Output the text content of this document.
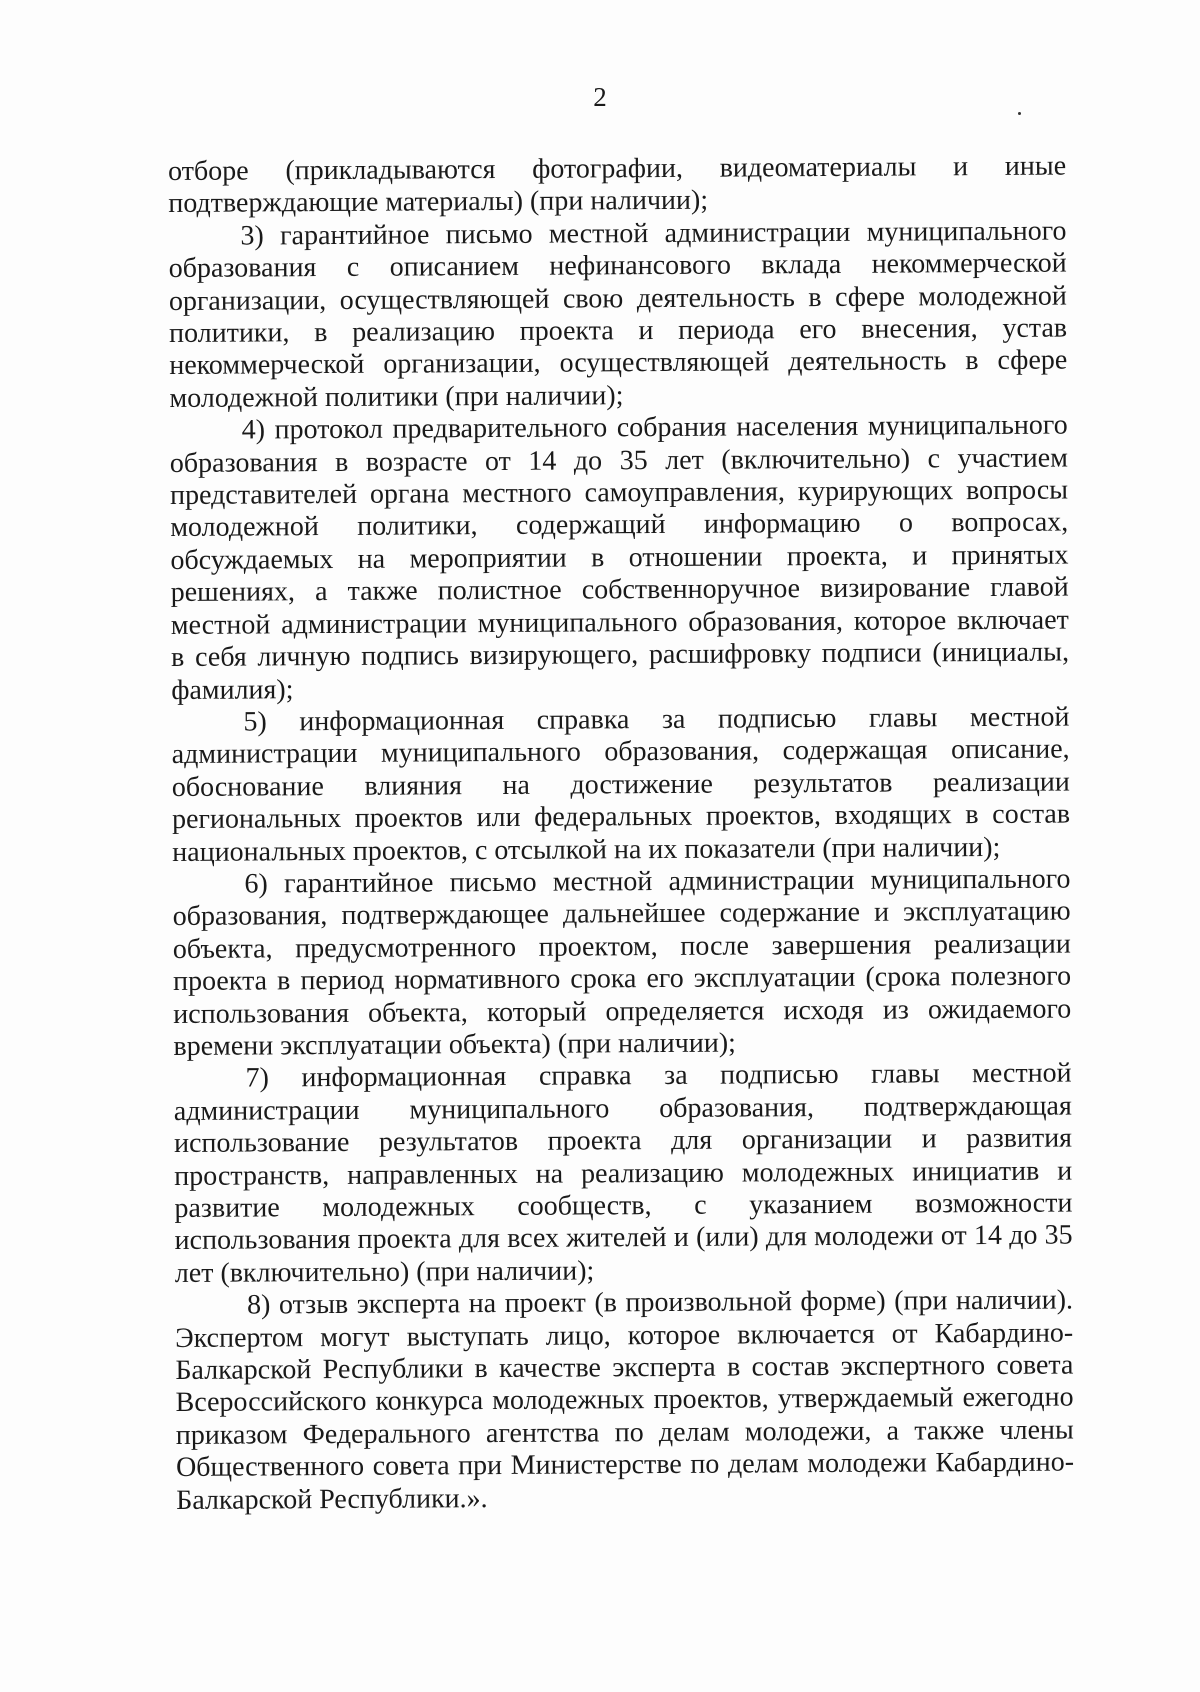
2

отборе (прикладываются фотографии, видеоматериалы и иные подтверждающие материалы) (при наличии);

3) гарантийное письмо местной администрации муниципального образования с описанием нефинансового вклада некоммерческой организации, осуществляющей свою деятельность в сфере молодежной политики, в реализацию проекта и периода его внесения, устав некоммерческой организации, осуществляющей деятельность в сфере молодежной политики (при наличии);

4) протокол предварительного собрания населения муниципального образования в возрасте от 14 до 35 лет (включительно) с участием представителей органа местного самоуправления, курирующих вопросы молодежной политики, содержащий информацию о вопросах, обсуждаемых на мероприятии в отношении проекта, и принятых решениях, а также полистное собственноручное визирование главой местной администрации муниципального образования, которое включает в себя личную подпись визирующего, расшифровку подписи (инициалы, фамилия);

5) информационная справка за подписью главы местной администрации муниципального образования, содержащая описание, обоснование влияния на достижение результатов реализации региональных проектов или федеральных проектов, входящих в состав национальных проектов, с отсылкой на их показатели (при наличии);

6) гарантийное письмо местной администрации муниципального образования, подтверждающее дальнейшее содержание и эксплуатацию объекта, предусмотренного проектом, после завершения реализации проекта в период нормативного срока его эксплуатации (срока полезного использования объекта, который определяется исходя из ожидаемого времени эксплуатации объекта) (при наличии);

7) информационная справка за подписью главы местной администрации муниципального образования, подтверждающая использование результатов проекта для организации и развития пространств, направленных на реализацию молодежных инициатив и развитие молодежных сообществ, с указанием возможности использования проекта для всех жителей и (или) для молодежи от 14 до 35 лет (включительно) (при наличии);

8) отзыв эксперта на проект (в произвольной форме) (при наличии). Экспертом могут выступать лицо, которое включается от Кабардино-Балкарской Республики в качестве эксперта в состав экспертного совета Всероссийского конкурса молодежных проектов, утверждаемый ежегодно приказом Федерального агентства по делам молодежи, а также члены Общественного совета при Министерстве по делам молодежи Кабардино-Балкарской Республики.».
